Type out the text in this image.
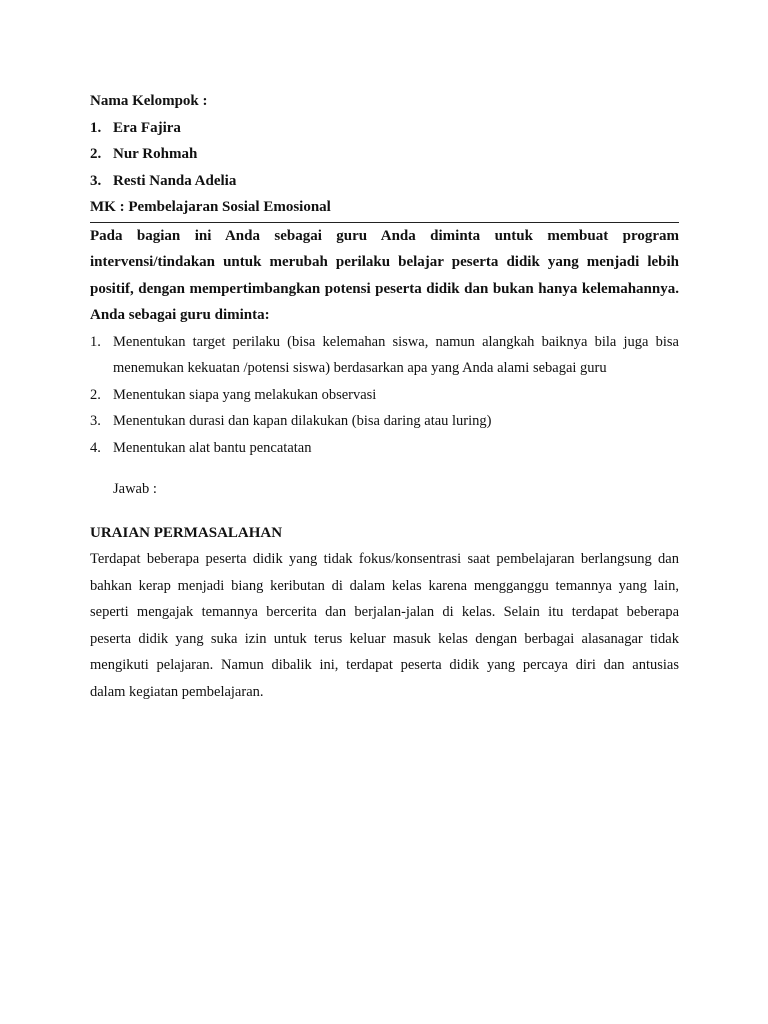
Nama Kelompok :
1. Era Fajira
2. Nur Rohmah
3. Resti Nanda Adelia
MK : Pembelajaran Sosial Emosional
Pada bagian ini Anda sebagai guru Anda diminta untuk membuat program
intervensi/tindakan untuk merubah perilaku belajar peserta didik yang menjadi lebih
positif, dengan mempertimbangkan potensi peserta didik dan bukan hanya kelemahannya.
Anda sebagai guru diminta:
1. Menentukan target perilaku (bisa kelemahan siswa, namun alangkah baiknya bila juga bisa
menemukan kekuatan /potensi siswa) berdasarkan apa yang Anda alami sebagai guru
2. Menentukan siapa yang melakukan observasi
3. Menentukan durasi dan kapan dilakukan (bisa daring atau luring)
4. Menentukan alat bantu pencatatan
Jawab :
URAIAN PERMASALAHAN
Terdapat beberapa peserta didik yang tidak fokus/konsentrasi saat pembelajaran berlangsung dan
bahkan kerap menjadi biang keributan di dalam kelas karena mengganggu temannya yang lain,
seperti mengajak temannya bercerita dan berjalan-jalan di kelas. Selain itu terdapat beberapa
peserta didik yang suka izin untuk terus keluar masuk kelas dengan berbagai alasanagar tidak
mengikuti pelajaran. Namun dibalik ini, terdapat peserta didik yang percaya diri dan antusias
dalam kegiatan pembelajaran.
